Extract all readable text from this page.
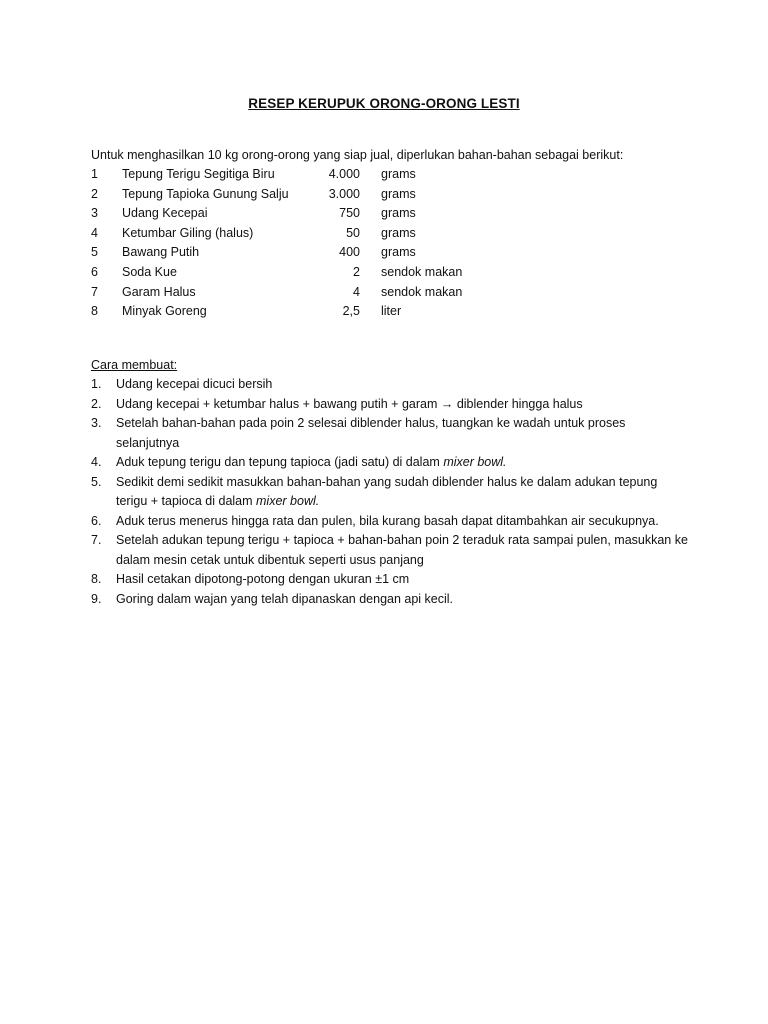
RESEP KERUPUK ORONG-ORONG LESTI
Untuk menghasilkan 10 kg orong-orong yang siap jual, diperlukan bahan-bahan sebagai berikut:
1 Tepung Terigu Segitiga Biru	4.000 grams
2 Tepung Tapioka Gunung Salju	3.000 grams
3 Udang Kecepai	750 grams
4 Ketumbar Giling (halus)	50 grams
5 Bawang Putih	400 grams
6 Soda Kue	2 sendok makan
7 Garam Halus	4 sendok makan
8 Minyak Goreng	2,5 liter
Cara membuat:
1.	Udang kecepai dicuci bersih
2.	Udang kecepai + ketumbar halus + bawang putih + garam → diblender hingga halus
3.	Setelah bahan-bahan pada poin 2 selesai diblender halus, tuangkan ke wadah untuk proses selanjutnya
4.	Aduk tepung terigu dan tepung tapioca (jadi satu) di dalam mixer bowl.
5.	Sedikit demi sedikit masukkan bahan-bahan yang sudah diblender halus ke dalam adukan tepung terigu + tapioca di dalam mixer bowl.
6.	Aduk terus menerus hingga rata dan pulen, bila kurang basah dapat ditambahkan air secukupnya.
7.	Setelah adukan tepung terigu + tapioca + bahan-bahan poin 2 teraduk rata sampai pulen, masukkan ke dalam mesin cetak untuk dibentuk seperti usus panjang
8.	Hasil cetakan dipotong-potong dengan ukuran ±1 cm
9.	Goring dalam wajan yang telah dipanaskan dengan api kecil.
